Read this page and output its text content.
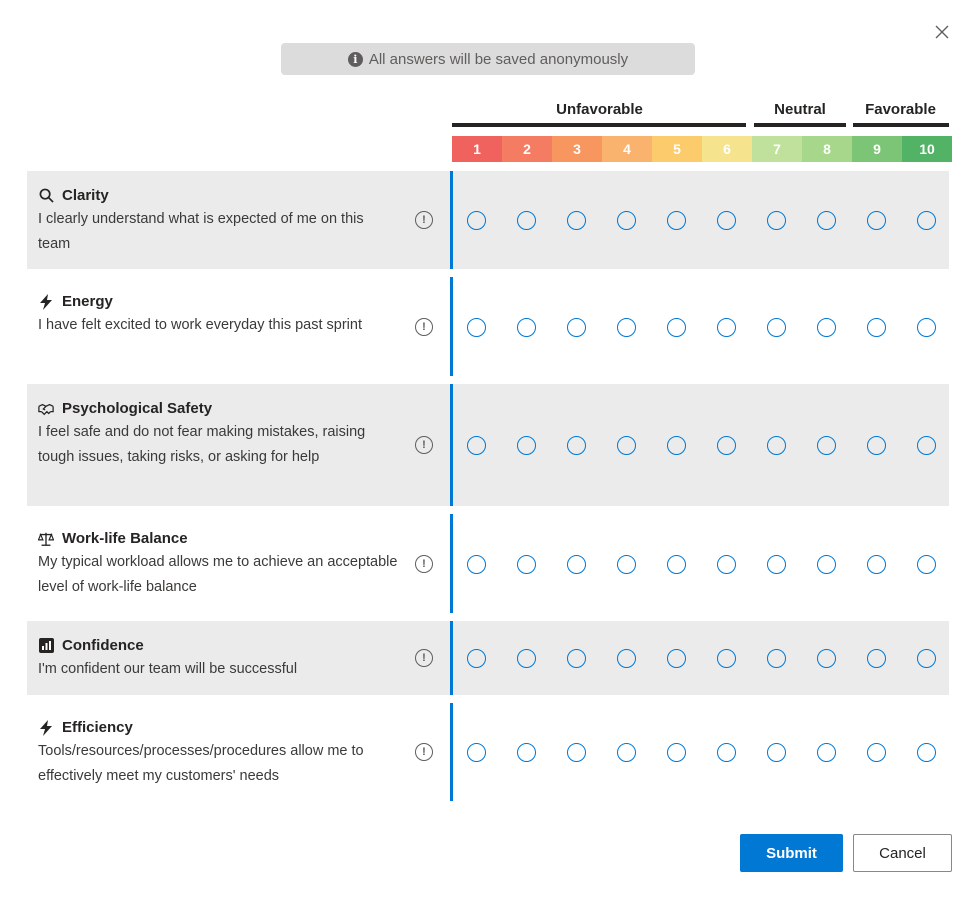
i All answers will be saved anonymously
Unfavorable	Neutral	Favorable
1	2	3	4	5	6	7	8	9	10
Clarity
I clearly understand what is expected of me on this team
!
Energy
I have felt excited to work everyday this past sprint	!
Psychological Safety
I feel safe and do not fear making mistakes, raising tough issues, taking risks, or asking for help
!
Work-life Balance
My typical workload allows me to achieve an acceptable level of work-life balance
!
Confidence
I'm confident our team will be successful
!
Efficiency
Tools/resources/processes/procedures allow me to effectively meet my customers' needs
!
Submit	Cancel
